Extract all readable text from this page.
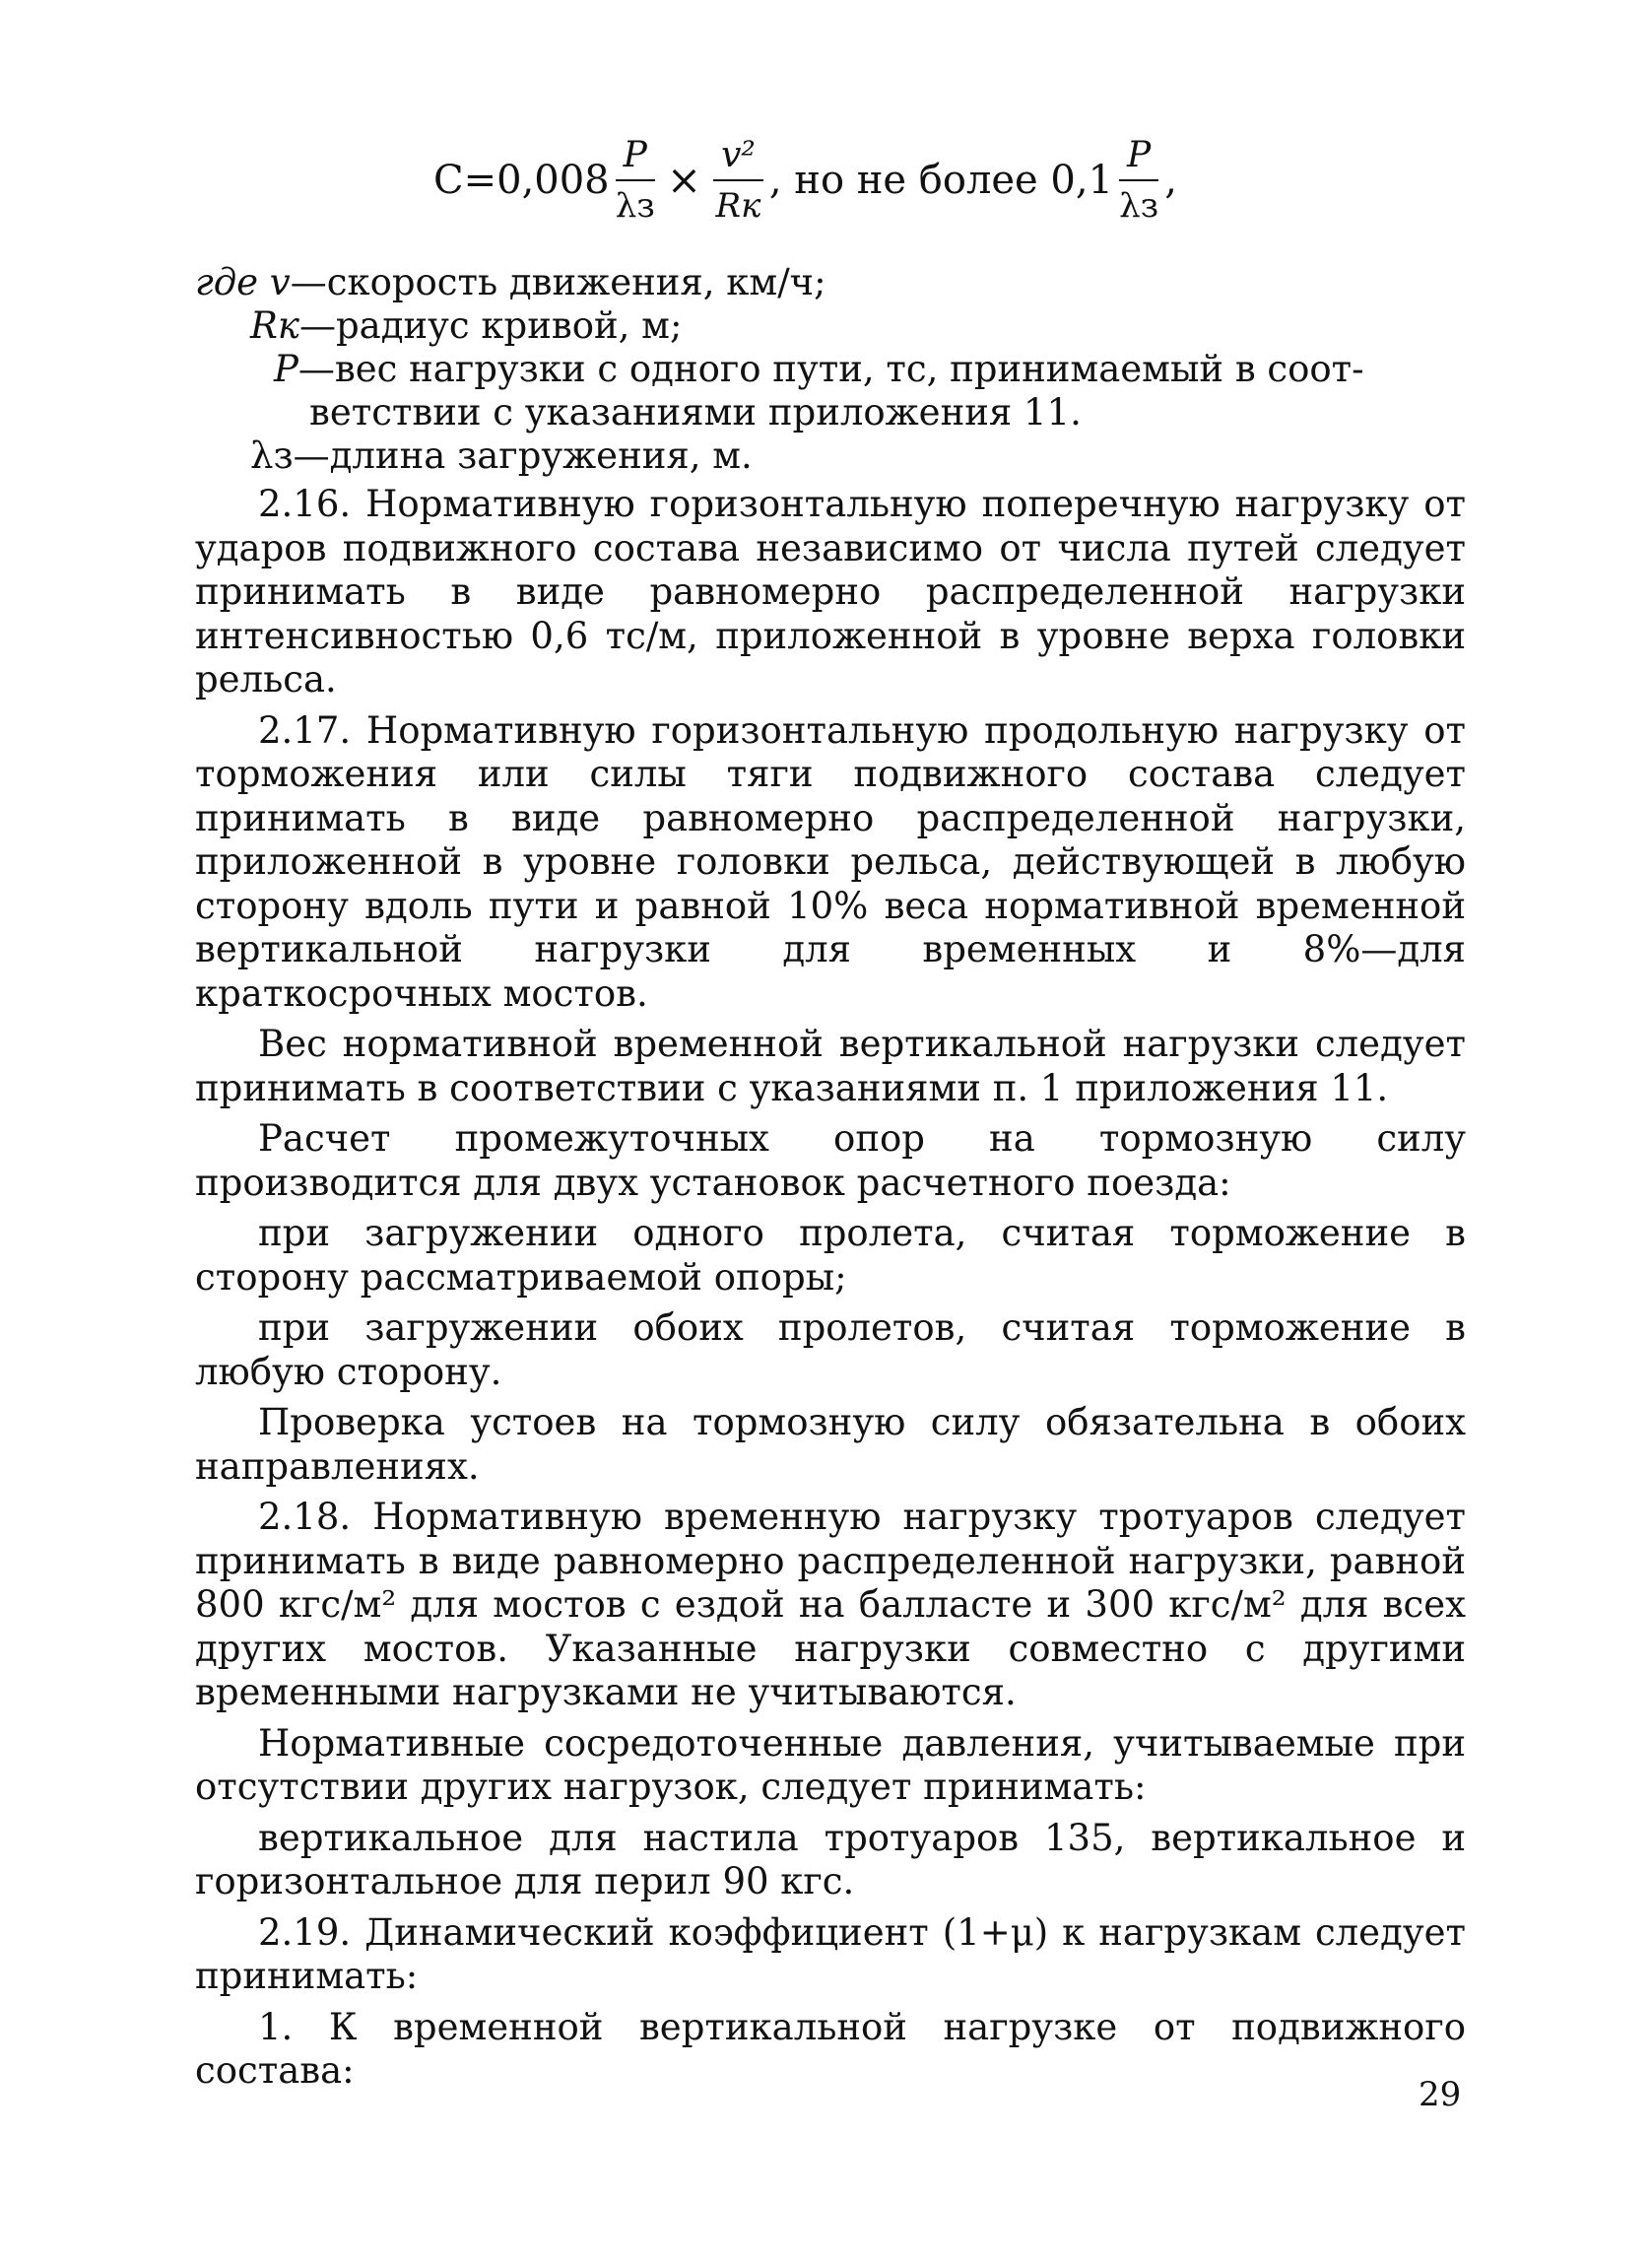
$C=0,008 \frac{P}{\lambda з} \times \frac{\text{v²}}{Rк}$ , но не более $0,1 \frac{P}{\lambda з}$ ,
где v—скорость движения, км/ч;
Rк—радиус кривой, м;
P—вес нагрузки с одного пути, тс, принимаемый в соот-
ветствии с указаниями приложения 11.
λз—длина загружения, м.

2.16. Нормативную горизонтальную поперечную нагрузку от ударов подвижного состава независимо от числа путей следует принимать в виде равномерно распределенной нагрузки интенсивностью 0,6 тс/м, приложенной в уровне верха головки рельса.

2.17. Нормативную горизонтальную продольную нагрузку от торможения или силы тяги подвижного состава следует принимать в виде равномерно распределенной нагрузки, приложенной в уровне головки рельса, действующей в любую сторону вдоль пути и равной 10% веса нормативной временной вертикальной нагрузки для временных и 8%—для краткосрочных мостов.

Вес нормативной временной вертикальной нагрузки следует принимать в соответствии с указаниями п. 1 приложения 11.

Расчет промежуточных опор на тормозную силу производится для двух установок расчетного поезда:

при загружении одного пролета, считая торможение в сторону рассматриваемой опоры;

при загружении обоих пролетов, считая торможение в любую сторону.

Проверка устоев на тормозную силу обязательна в обоих направлениях.

2.18. Нормативную временную нагрузку тротуаров следует принимать в виде равномерно распределенной нагрузки, равной 800 кгс/м² для мостов с ездой на балласте и 300 кгс/м² для всех других мостов. Указанные нагрузки совместно с другими временными нагрузками не учитываются.

Нормативные сосредоточенные давления, учитываемые при отсутствии других нагрузок, следует принимать:

вертикальное для настила тротуаров 135, вертикальное и горизонтальное для перил 90 кгс.

2.19. Динамический коэффициент (1+μ) к нагрузкам следует принимать:

1. К временной вертикальной нагрузке от подвижного состава:

29
